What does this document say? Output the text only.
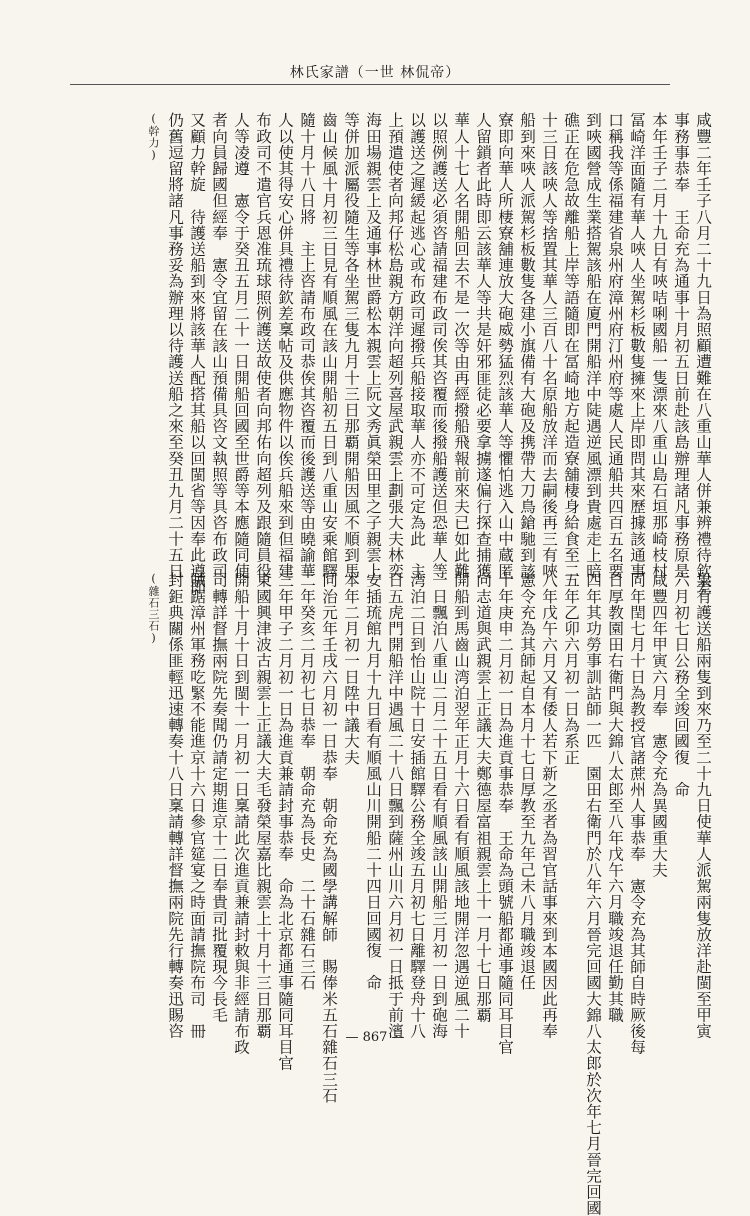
林氏家譜（一世 林侃帝）
咸豐二年壬子八月二十九日為照顧遭難在八重山華人併兼辨禮待欽差
事務事恭奉　王命充為通事十月初五日前赴該島辦理諸凡事務原是
本年壬子二月十九日有唊咭唎國船一隻漂來八重山島石垣那崎枝村
冨崎洋面隨有華人唊人坐駕杉板數隻擁來上岸即問其來歷據該通事
口稱我等係福建省泉州府漳州府汀州府等處人民通船共四百五名要
到唊國營成生業搭駕該船在廈門開船洋中陡遇逆風漂到貴處走上暗
礁正在危急故離船上岸等語隨即在冨崎地方起造寮舖棲身給食至二
十三日該唊人等捨置其華人三百八十名原船放洋而去嗣後再三有唊
船到來唊人派駕杉板數隻各建小旗備有大砲及携帶大刀鳥鎗馳到該
寮即向華人所棲寮舖連放大砲威勢猛烈該華人等懼怕逃入山中蔵匿
人留鎖者此時即云該華人等共是奸邪匪徒必要拿擄遂偏行探查捕獲
華人十七人名開船回去不是一次等由再經撥船飛報前來夫已如此難
以照例護送必須咨請福建布政司俟其咨覆而後撥船護送但恐華人等
以護送之遲緩起逃心或布政司遲撥兵船接取華人亦不可定為此　主
上預遣使者向邦仔松島親方朝洋向超列喜屋武親雲上劃張大夫林奕
海田場親雲上及通事林世爵松本親雲上阮文秀眞榮田里之子親雲上
等併加派屬役隨生等各坐駕三隻九月十三日那覇開船因風不順到馬
齒山候風十月初三日見有順風在該山開船初五日到八重山安乘館驛
隨十月十八日將　主上咨請布政司恭俟其咨覆而後護送等由曉諭華
人以使其得安心併具禮待欽差稟帖及供應物件以俟兵船來到但福建
布政司不遣官兵恩准琉球照例護送故使者向邦佑向超列及跟隨員役
人等凌遵　憲令于癸丑五月二十一日開船回國至世爵等本應隨同使
者向員歸國但經奉　憲令宜留在該山預備具咨文執照等具咨布政司
又顧力幹旋　待護送船到來將該華人配搭其船以回閩省等因奉此遵即
仍舊逗留將諸凡事務妥為辦理以待護送船之來至癸丑九月二十五日
(幹力)
果有護送船兩隻到來乃至二十九日使華人派駕兩隻放洋赴閩至甲寅
六月初七日公務全竣回國復　命
咸豐四年甲寅六月奉　憲令充為異國重大夫
同年閏七月十日為教授官諸蔗州人事恭奉　憲令充為其師自時厥後每
日厚教園田右衛門與大錦八太郎至八年戊午六月職竣退任勤其職
四年其功勞事訓詁師一匹　園田右衛門於八年六月晉完回國大錦八太郎於次年七月晉完回國
五年乙卯六月初一日為系正
八年戊午六月又有倭人若下新之丞者為習官話事來到本國因此再奉
憲令充為其師起自本月十七日厚教至九年己未八月職竣退任
十年庚申二月初一日為進貢事恭奉　王命為頭號船都通事隨同耳目官
向志道與武親雲上正議大夫鄭德屋富祖親雲上十一月十七日那覇
開船到馬齒山湾泊翌年正月十六日看有順風該地開洋忽遇逆風二十
一日飄泊八重山二月二十五日看有順風該山開船三月初一日到砲海
湾泊二日到怡山院十日安插館驛公務全竣五月初七日離驛登舟十八
日五虎門開船洋中遇風二十八日飄到薩州山川六月初一日抵于前濱
安插琉館九月十九日看有順風山川開船二十四日回國復　命
本年二月初一日陞中議大夫
同治元年壬戌六月初一日恭奉　朝命充為國學講解師　賜俸米五石雜石三石
二年癸亥二月初七日恭奉　朝命充為長史　二十石雜石三石
三年甲子二月初一日為進貢兼請封事恭奉　命為北京都通事隨同耳目官
東國興津波古親雲上正議大夫毛發榮屋嘉比親雲上十月十三日那覇
開船十月十日到閩十一月初一日稟請此次進貢兼請封敕與非經請布政
司轉詳督撫兩院先奏聞仍請定期進京十二日奉貴司批覆現今長毛
賊踞漳州軍務吃緊不能進京十六日參官筵宴之時面請撫院布司　冊
封鉅典關係匪輕迅速轉奏十八日稟請轉詳督撫兩院先行轉奏迅賜咨
(雜石三石)
— 867 —
